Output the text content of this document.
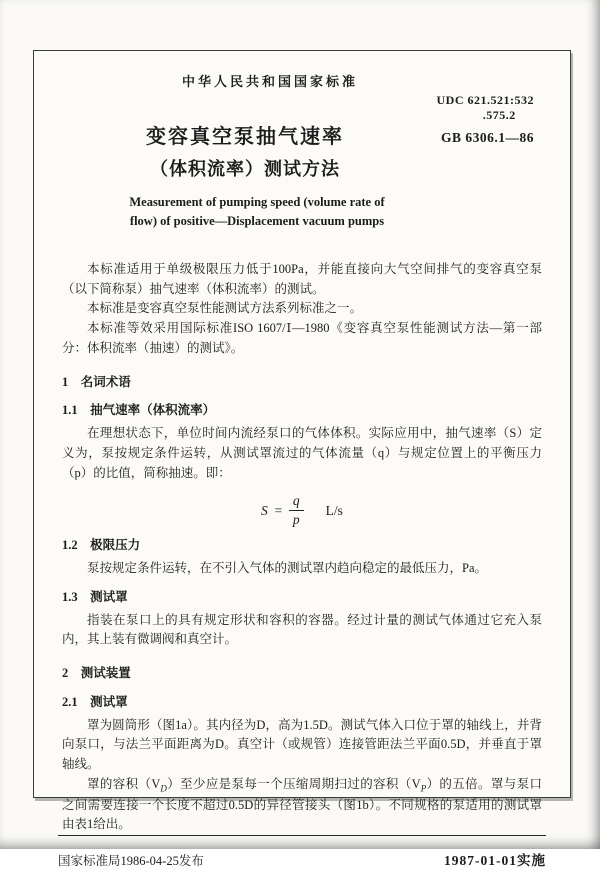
中华人民共和国国家标准
UDC 621.521:532
.575.2
GB 6306.1—86
变容真空泵抽气速率
（体积流率）测试方法
Measurement of pumping speed (volume rate of
flow) of positive—Displacement vacuum pumps

本标准适用于单级极限压力低于100Pa，并能直接向大气空间排气的变容真空泵（以下简称泵）抽气速率（体积流率）的测试。

本标准是变容真空泵性能测试方法系列标准之一。

本标准等效采用国际标准ISO 1607/Ⅰ—1980《变容真空泵性能测试方法—第一部分：体积流率（抽速）的测试》。

1　名词术语
1.1　抽气速率（体积流率）

在理想状态下，单位时间内流经泵口的气体体积。实际应用中，抽气速率（S）定义为，泵按规定条件运转，从测试罩流过的气体流量（q）与规定位置上的平衡压力（p）的比值，简称抽速。即：

$S = \frac{q}{p} L/s$
1.2　极限压力

泵按规定条件运转，在不引入气体的测试罩内趋向稳定的最低压力，Pa。

1.3　测试罩

指装在泵口上的具有规定形状和容积的容器。经过计量的测试气体通过它充入泵内，其上装有微调阀和真空计。

2　测试装置
2.1　测试罩

罩为圆筒形（图1a）。其内径为D，高为1.5D。测试气体入口位于罩的轴线上，并背向泵口，与法兰平面距离为D。真空计（或规管）连接管距法兰平面0.5D，并垂直于罩轴线。

罩的容积$(V_D)$至少应是泵每一个压缩周期扫过的容积$(V_P)$的五倍。罩与泵口之间需要连接一个长度不超过0.5D的异径管接头（图1b）。不同规格的泵适用的测试罩由表1给出。

国家标准局1986-04-25发布	1987-01-01实施
